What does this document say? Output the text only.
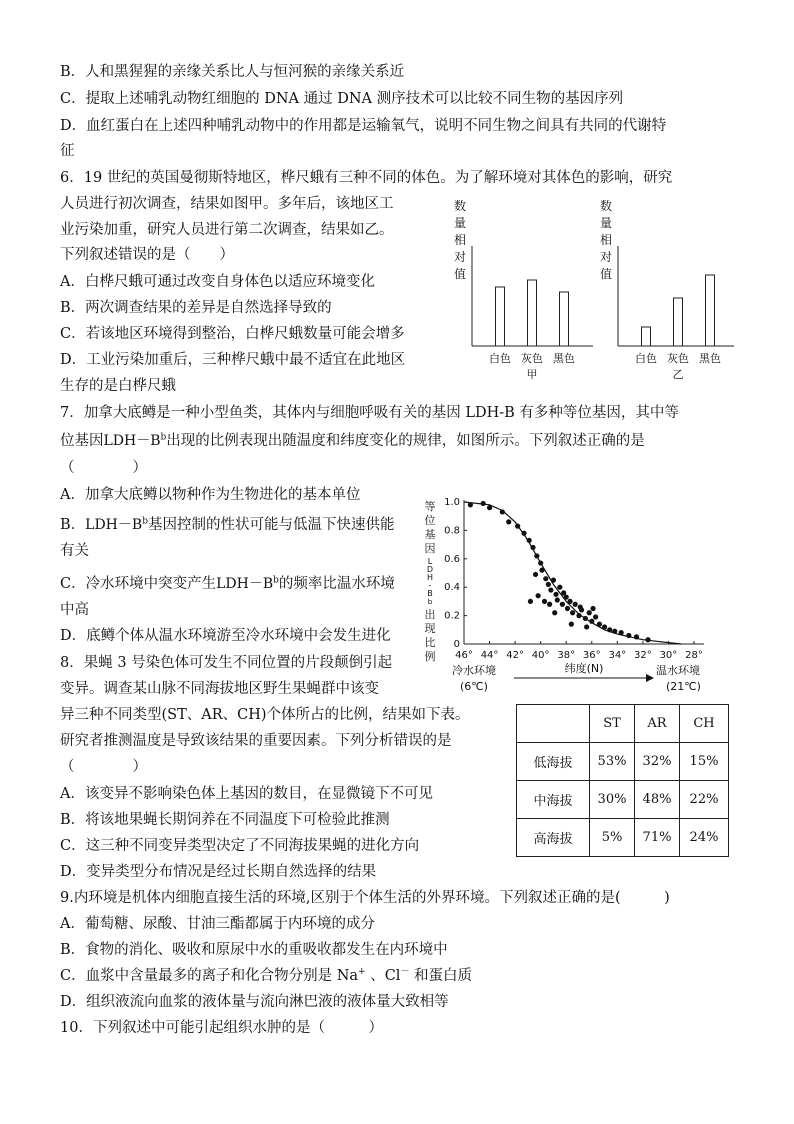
B．人和黑猩猩的亲缘关系比人与恒河猴的亲缘关系近
C．提取上述哺乳动物红细胞的 DNA 通过 DNA 测序技术可以比较不同生物的基因序列
D．血红蛋白在上述四种哺乳动物中的作用都是运输氧气，说明不同生物之间具有共同的代谢特
征
6．19 世纪的英国曼彻斯特地区，桦尺蛾有三种不同的体色。为了解环境对其体色的影响，研究
人员进行初次调查，结果如图甲。多年后，该地区工
业污染加重，研究人员进行第二次调查，结果如乙。
下列叙述错误的是（　　）
A．白桦尺蛾可通过改变自身体色以适应环境变化
B．两次调查结果的差异是自然选择导致的
C．若该地区环境得到整治，白桦尺蛾数量可能会增多
D．工业污染加重后，三种桦尺蛾中最不适宜在此地区
生存的是白桦尺蛾
数
量
相
对
值
白色 灰色 黑色
甲
数
量
相
对
值
白色 灰色 黑色
乙
7．加拿大底鳟是一种小型鱼类，其体内与细胞呼吸有关的基因 LDH-B 有多种等位基因，其中等
位基因$LDH-B^b$出现的比例表现出随温度和纬度变化的规律，如图所示。下列叙述正确的是
（　　　　）
A．加拿大底鳟以物种作为生物进化的基本单位
B．$LDH-B^b$基因控制的性状可能与低温下快速供能
有关
C．冷水环境中突变产生$LDH-B^b$的频率比温水环境
中高
D．底鳟个体从温水环境游至冷水环境中会发生进化
等
位
基
因
L
D
H
-
B
b
出
现
比
例
0
0.2
0.4
0.6
0.8
1.0
46° 44° 42° 40° 38° 36° 34° 32° 30° 28°
冷水环境
(6℃)
纬度(N)	温水环境
(21℃)
8．果蝇 3 号染色体可发生不同位置的片段颠倒引起
变异。调查某山脉不同海拔地区野生果蝇群中该变
异三种不同类型(ST、AR、CH)个体所占的比例，结果如下表。
研究者推测温度是导致该结果的重要因素。下列分析错误的是
（　　　　）
A．该变异不影响染色体上基因的数目，在显微镜下不可见
B．将该地果蝇长期饲养在不同温度下可检验此推测
C．这三种不同变异类型决定了不同海拔果蝇的进化方向
D．变异类型分布情况是经过长期自然选择的结果
	ST	AR	CH
低海拔	53%	32%	15%
中海拔	30%	48%	22%
高海拔	5%	71%	24%
9.内环境是机体内细胞直接生活的环境,区别于个体生活的外界环境。下列叙述正确的是(　　　)
A．葡萄糖、尿酸、甘油三酯都属于内环境的成分
B．食物的消化、吸收和原尿中水的重吸收都发生在内环境中
C．血浆中含量最多的离子和化合物分别是 Na+ 、Cl－ 和蛋白质
D．组织液流向血浆的液体量与流向淋巴液的液体量大致相等
10．下列叙述中可能引起组织水肿的是（　　　）
